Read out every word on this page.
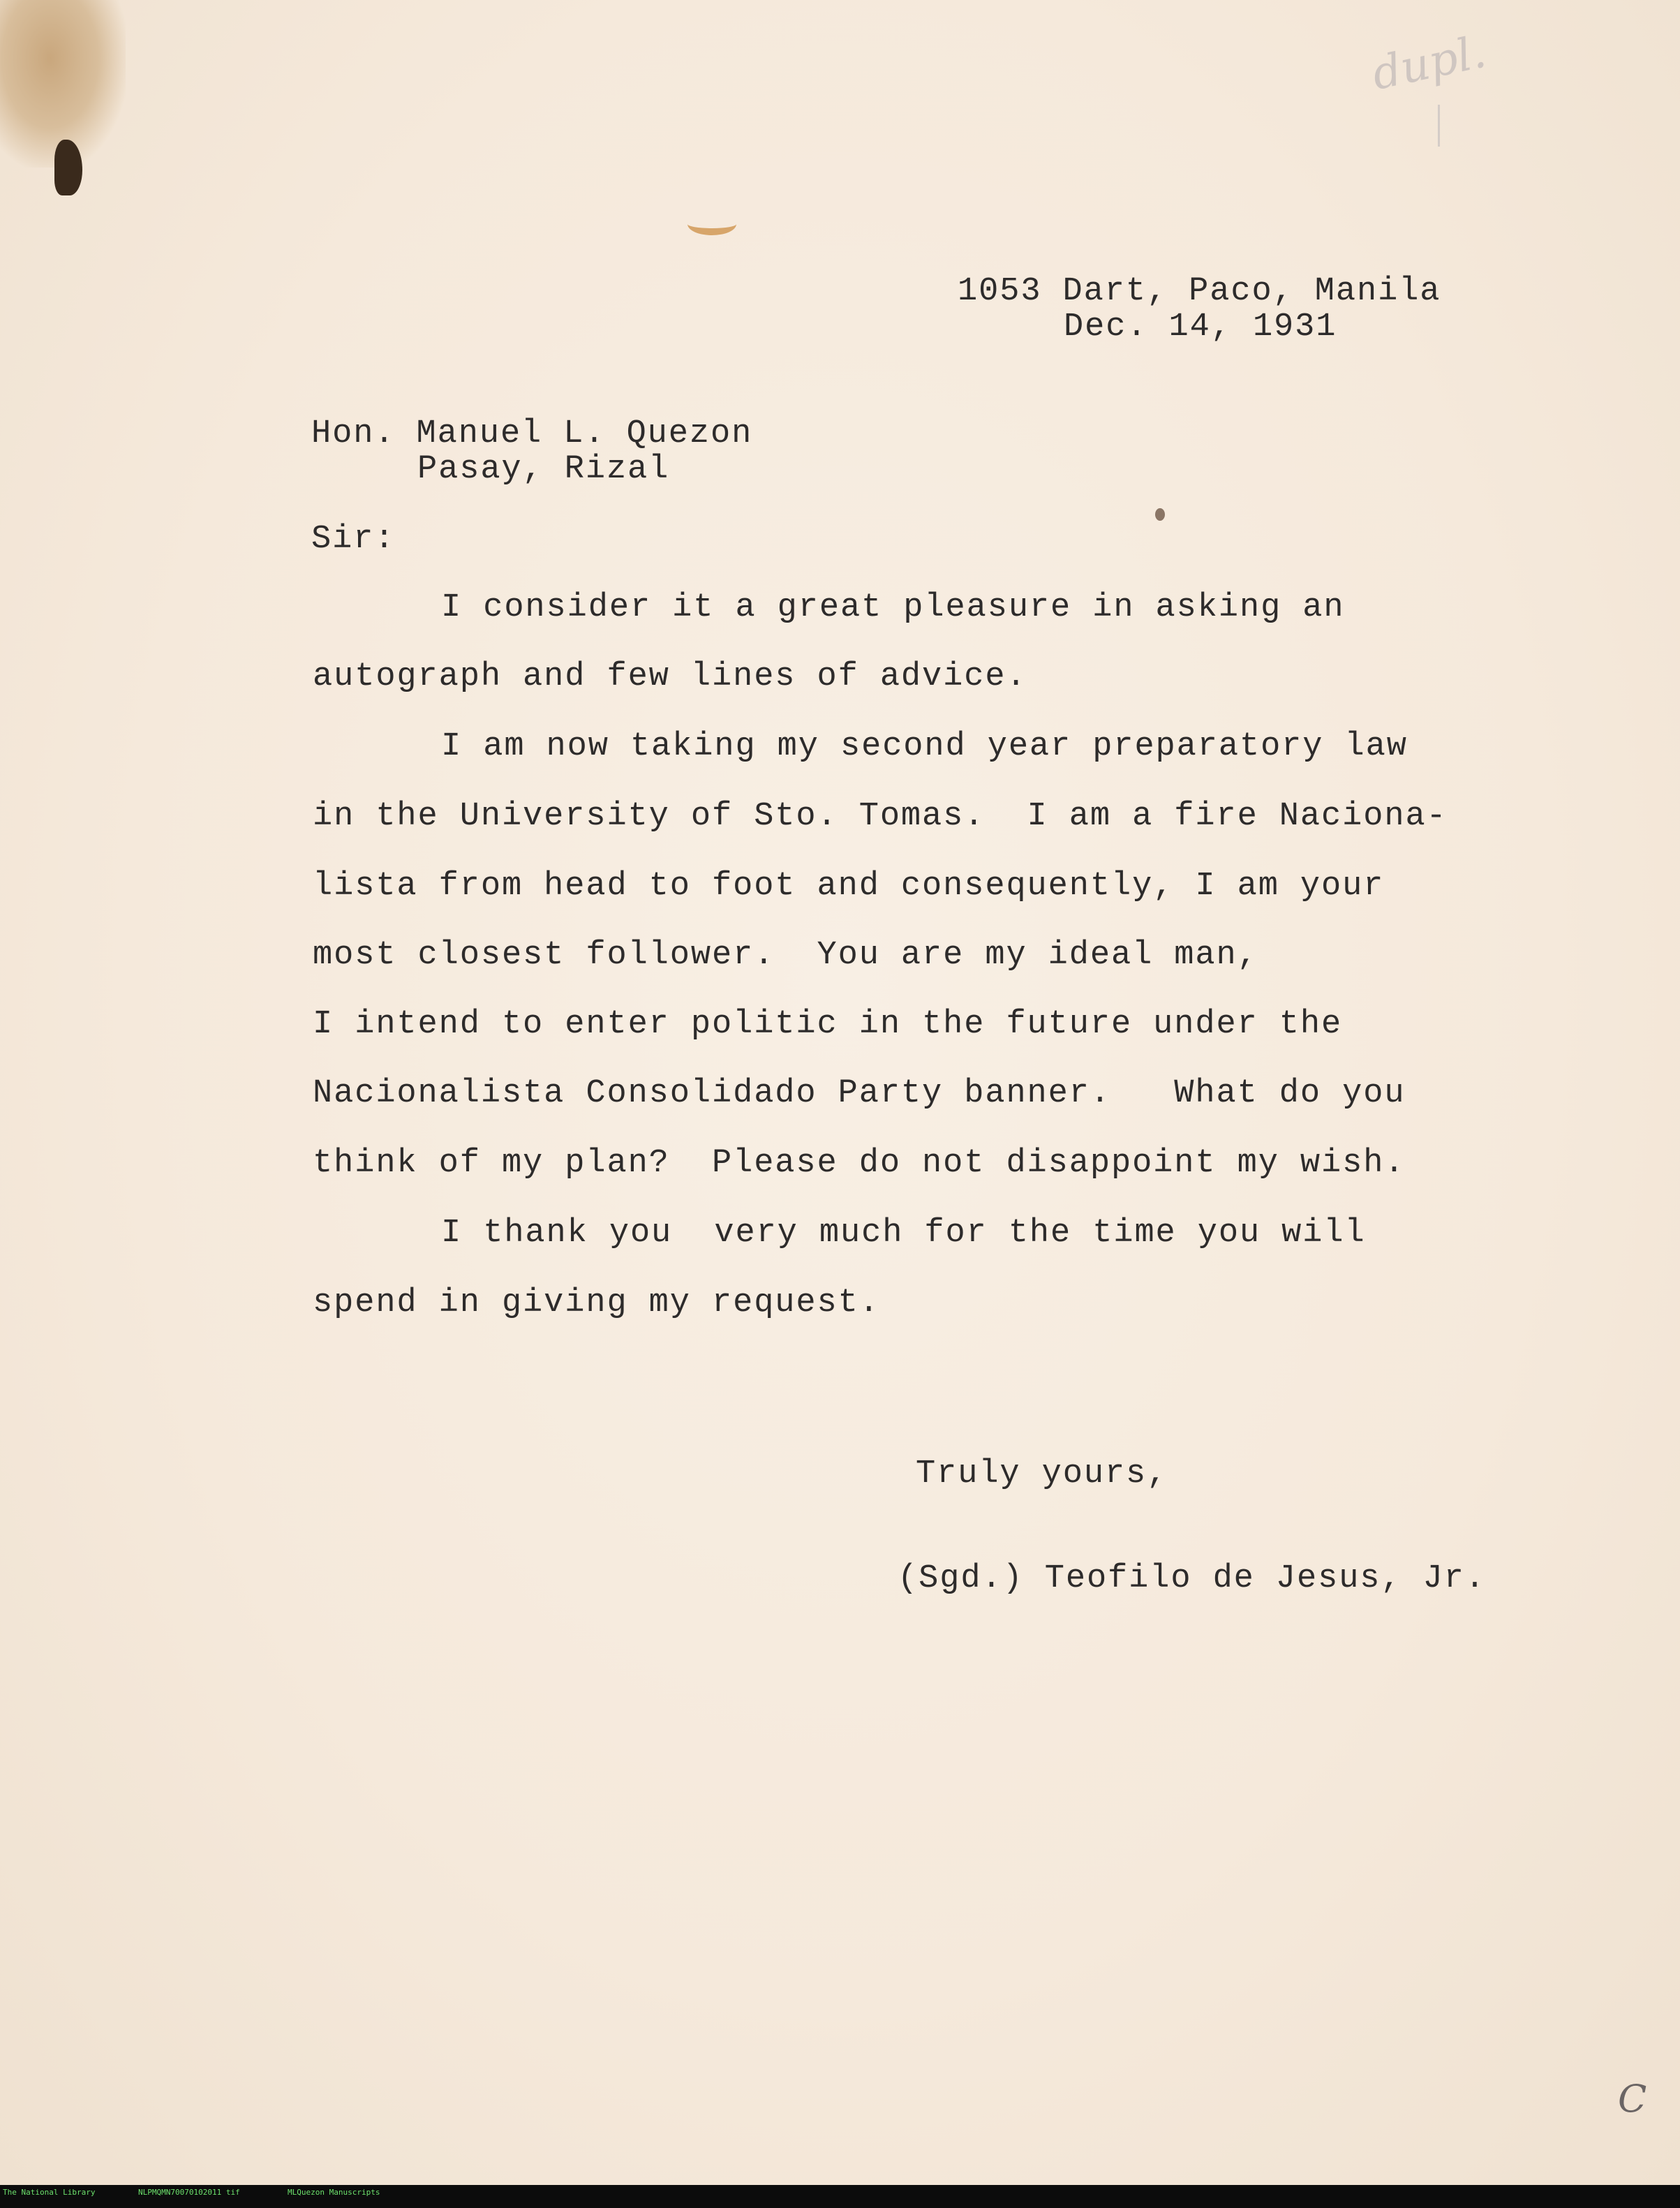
dupl.

1053 Dart, Paco, Manila

Dec. 14, 1931

Hon. Manuel L. Quezon

Pasay, Rizal

Sir:

I consider it a great pleasure in asking an

autograph and few lines of advice.

I am now taking my second year preparatory law

in the University of Sto. Tomas.  I am a fire Naciona-

lista from head to foot and consequently, I am your

most closest follower.  You are my ideal man,

I intend to enter politic in the future under the

Nacionalista Consolidado Party banner.   What do you

think of my plan?  Please do not disappoint my wish.

I thank you  very much for the time you will

spend in giving my request.

Truly yours,

(Sgd.) Teofilo de Jesus, Jr.

C
The National Library	NLPMQMN70070102011 tif	MLQuezon Manuscripts
